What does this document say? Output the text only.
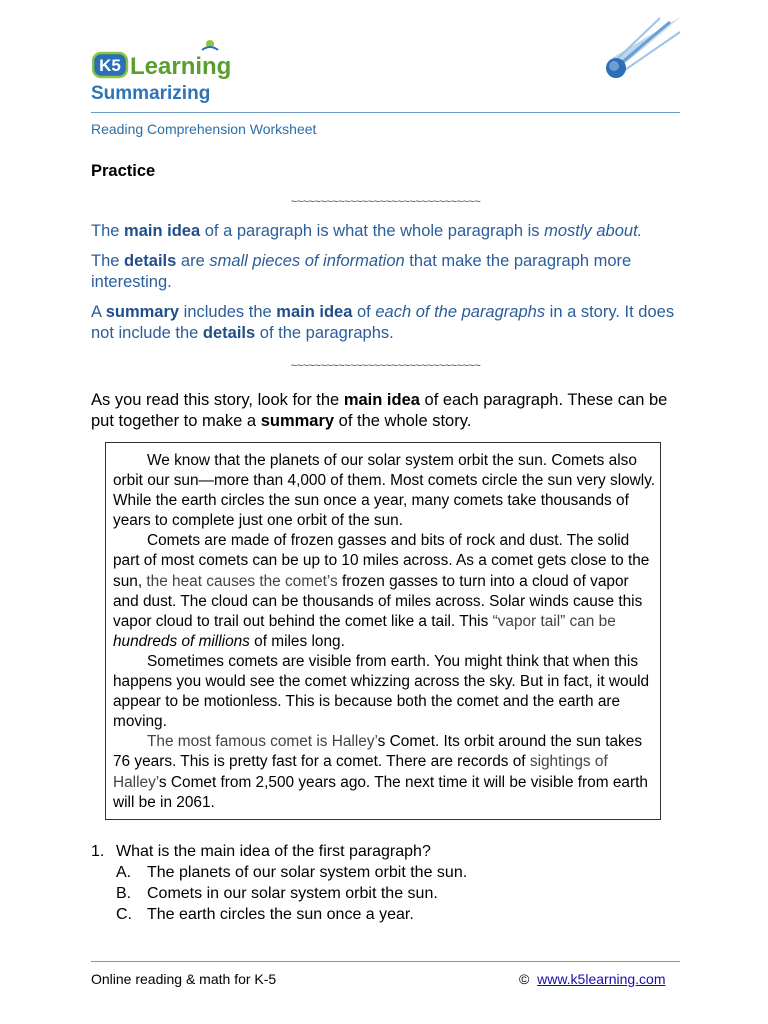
K5 Learning
Summarizing
Reading Comprehension Worksheet
Practice
~~~~~~~~~~~~~~~~~~~~~~~~~~~~~~~~
The main idea of a paragraph is what the whole paragraph is mostly about.
The details are small pieces of information that make the paragraph more interesting.
A summary includes the main idea of each of the paragraphs in a story. It does not include the details of the paragraphs.
~~~~~~~~~~~~~~~~~~~~~~~~~~~~~~~~
As you read this story, look for the main idea of each paragraph. These can be put together to make a summary of the whole story.

We know that the planets of our solar system orbit the sun. Comets also orbit our sun—more than 4,000 of them. Most comets circle the sun very slowly. While the earth circles the sun once a year, many comets take thousands of years to complete just one orbit of the sun.

Comets are made of frozen gasses and bits of rock and dust. The solid part of most comets can be up to 10 miles across. As a comet gets close to the sun, the heat causes the comet’s frozen gasses to turn into a cloud of vapor and dust. The cloud can be thousands of miles across. Solar winds cause this vapor cloud to trail out behind the comet like a tail. This “vapor tail” can be hundreds of millions of miles long.

Sometimes comets are visible from earth. You might think that when this happens you would see the comet whizzing across the sky. But in fact, it would appear to be motionless. This is because both the comet and the earth are moving.

The most famous comet is Halley’s Comet. Its orbit around the sun takes 76 years. This is pretty fast for a comet. There are records of sightings of Halley’s Comet from 2,500 years ago. The next time it will be visible from earth will be in 2061.

1. What is the main idea of the first paragraph?
A. The planets of our solar system orbit the sun.
B. Comets in our solar system orbit the sun.
C. The earth circles the sun once a year.
Online reading & math for K-5	© www.k5learning.com
